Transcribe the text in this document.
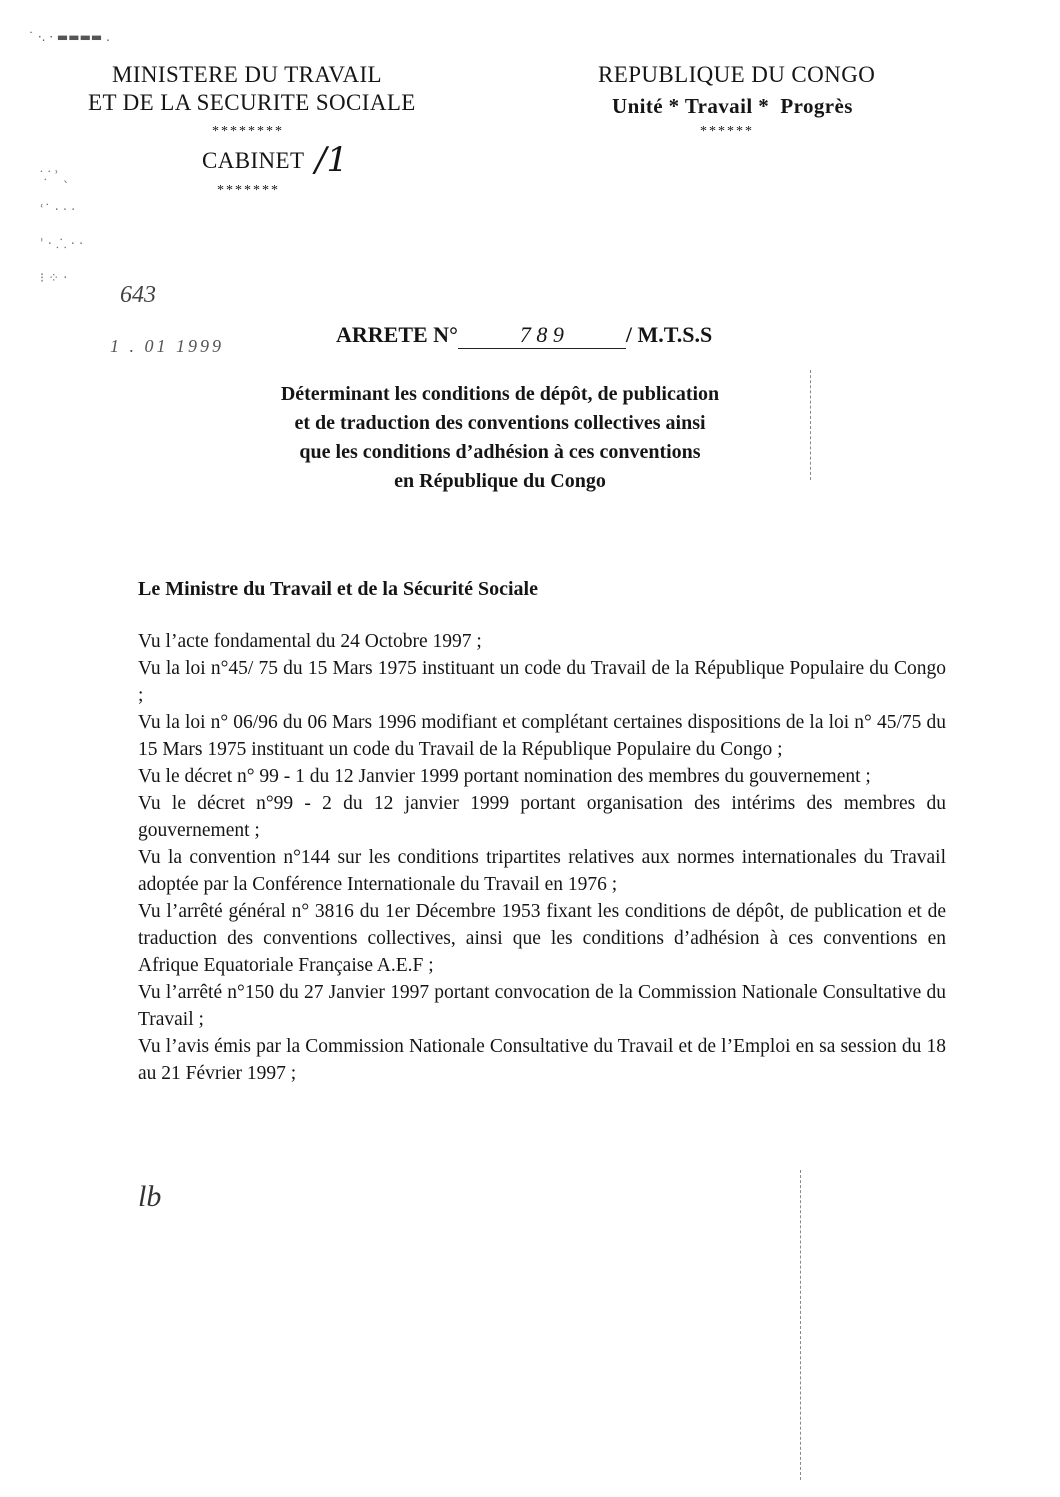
˙ ·. · ▬▬▬▬ .
⸪ ʾ ˎ
ʿ˙ · · ·
ˈ · ⸫ · ·
⁝ ⁘ ·
MINISTERE DU TRAVAIL
ET DE LA SECURITE SOCIALE
********
CABINET /1
*******
REPUBLIQUE DU CONGO
Unité * Travail *  Progrès
******
643
1 . 01 1999	ARRETE N°	7 8 9	/ M.T.S.S
Déterminant les conditions de dépôt, de publication
et de traduction des conventions collectives ainsi
que les conditions d’adhésion à ces conventions
en République du Congo
Le Ministre du Travail et de la Sécurité Sociale
Vu l’acte fondamental du 24 Octobre 1997 ;
Vu la loi n°45/ 75 du 15 Mars 1975 instituant un code du Travail de la République Populaire du Congo ;
Vu la loi n° 06/96 du 06 Mars 1996 modifiant et complétant certaines dispositions de la loi n° 45/75 du 15 Mars 1975 instituant un code du Travail de la République Populaire du Congo ;
Vu le décret n° 99 - 1 du 12 Janvier 1999 portant nomination des membres du gouvernement ;
Vu le décret n°99 - 2 du 12 janvier 1999 portant organisation des intérims des membres du gouvernement ;
Vu la convention n°144 sur les conditions tripartites relatives aux normes internationales du Travail adoptée par la Conférence Internationale du Travail en 1976 ;
Vu l’arrêté général n° 3816 du 1er Décembre 1953 fixant les conditions de dépôt, de publication et de traduction des conventions collectives, ainsi que les conditions d’adhésion à ces conventions en Afrique Equatoriale Française A.E.F ;
Vu l’arrêté n°150 du 27 Janvier 1997 portant convocation de la Commission Nationale Consultative du Travail ;
Vu l’avis émis par la Commission Nationale Consultative du Travail et de l’Emploi en sa session du 18 au 21 Février 1997 ;
lb
